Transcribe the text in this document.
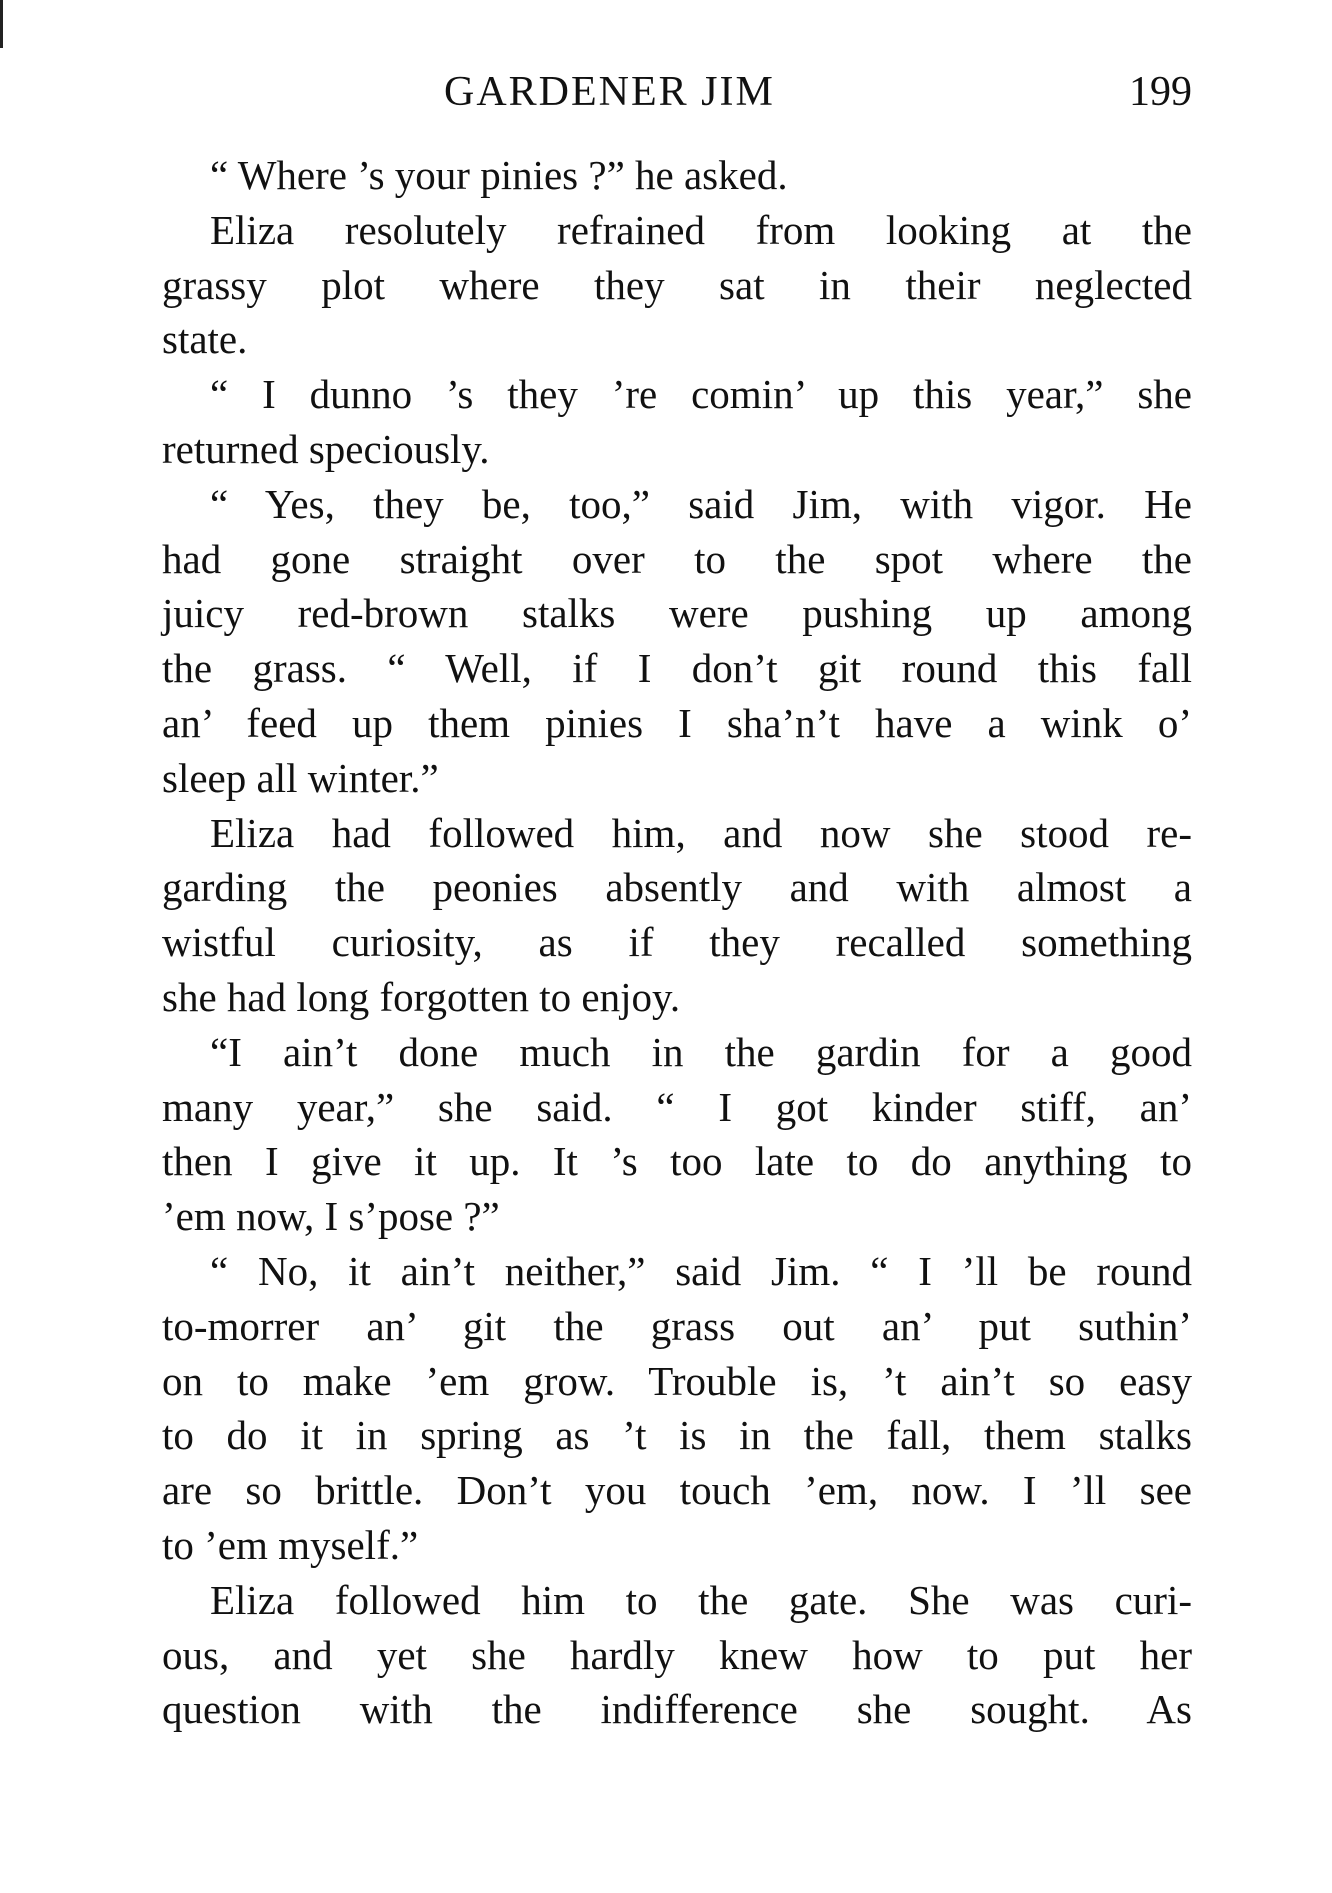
GARDENER JIM	199
“ Where ’s your pinies ?” he asked.
Eliza resolutely refrained from looking at the
grassy plot where they sat in their neglected
state.
“ I dunno ’s they ’re comin’ up this year,” she
returned speciously.
“ Yes, they be, too,” said Jim, with vigor. He
had gone straight over to the spot where the
juicy red-brown stalks were pushing up among
the grass. “ Well, if I don’t git round this fall
an’ feed up them pinies I sha’n’t have a wink o’
sleep all winter.”
Eliza had followed him, and now she stood re-
garding the peonies absently and with almost a
wistful curiosity, as if they recalled something
she had long forgotten to enjoy.
“I ain’t done much in the gardin for a good
many year,” she said. “ I got kinder stiff, an’
then I give it up. It ’s too late to do anything to
’em now, I s’pose ?”
“ No, it ain’t neither,” said Jim. “ I ’ll be round
to-morrer an’ git the grass out an’ put suthin’
on to make ’em grow. Trouble is, ’t ain’t so easy
to do it in spring as ’t is in the fall, them stalks
are so brittle. Don’t you touch ’em, now. I ’ll see
to ’em myself.”
Eliza followed him to the gate. She was curi-
ous, and yet she hardly knew how to put her
question with the indifference she sought. As
